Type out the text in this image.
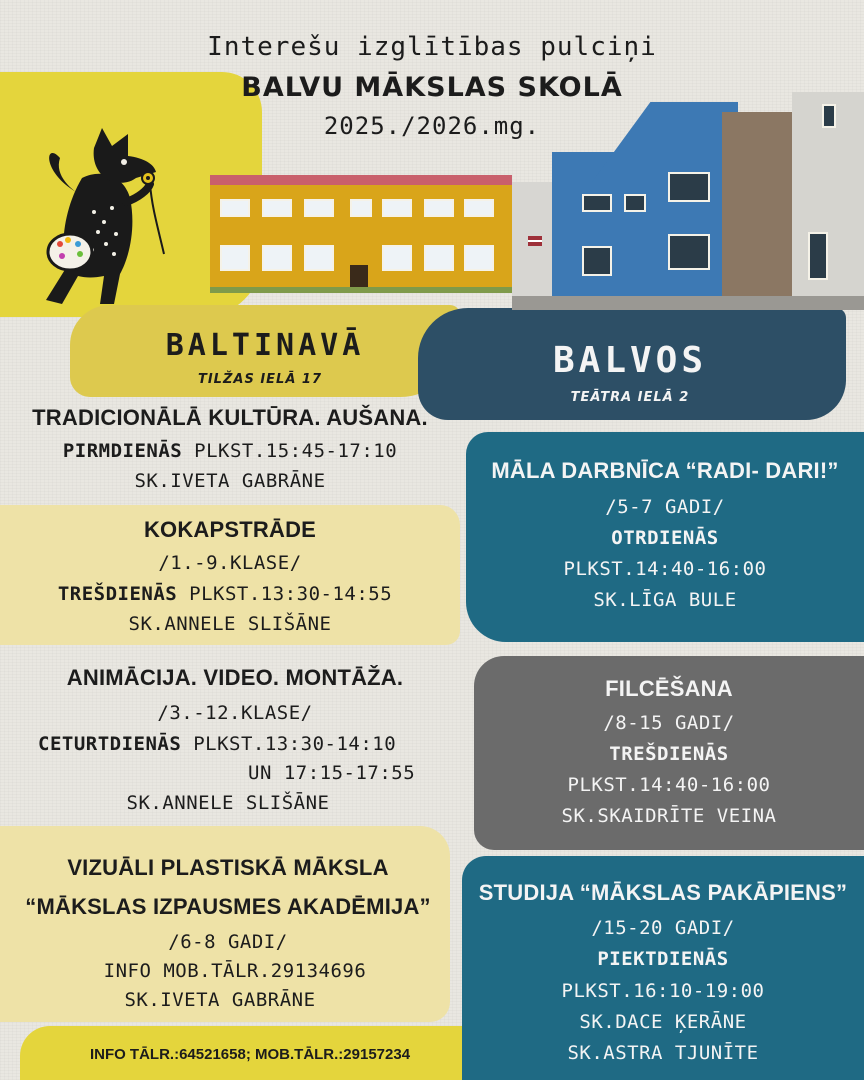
Interešu izglītības pulciņi
BALVU MĀKSLAS SKOLĀ
2025./2026.mg.
BALTINAVĀ
TILŽAS IELĀ 17	BALVOS
TEĀTRA IELĀ 2
TRADICIONĀLĀ KULTŪRA. AUŠANA.
PIRMDIENĀS PLKST.15:45-17:10
SK.IVETA GABRĀNE
KOKAPSTRĀDE
/1.-9.KLASE/
TREŠDIENĀS PLKST.13:30-14:55
SK.ANNELE SLIŠĀNE
ANIMĀCIJA. VIDEO. MONTĀŽA.
/3.-12.KLASE/
CETURTDIENĀS PLKST.13:30-14:10
UN 17:15-17:55
SK.ANNELE SLIŠĀNE
VIZUĀLI PLASTISKĀ MĀKSLA
“MĀKSLAS IZPAUSMES AKADĒMIJA”
/6-8 GADI/
INFO MOB.TĀLR.29134696
SK.IVETA GABRĀNE
INFO TĀLR.:64521658; MOB.TĀLR.:29157234
MĀLA DARBNĪCA “RADI- DARI!”
/5-7 GADI/
OTRDIENĀS
PLKST.14:40-16:00
SK.LĪGA BULE
FILCĒŠANA
/8-15 GADI/
TREŠDIENĀS
PLKST.14:40-16:00
SK.SKAIDRĪTE VEINA
STUDIJA “MĀKSLAS PAKĀPIENS”
/15-20 GADI/
PIEKTDIENĀS
PLKST.16:10-19:00
SK.DACE ĶERĀNE
SK.ASTRA TJUNĪTE
